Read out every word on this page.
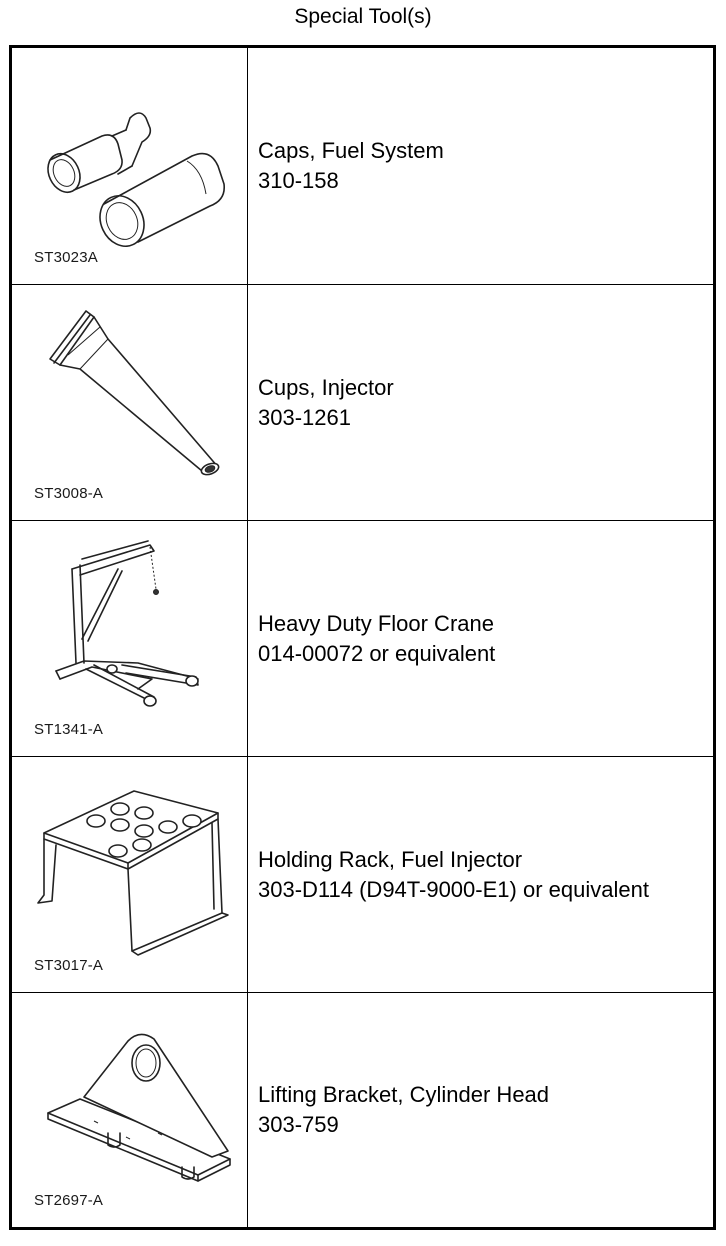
Special Tool(s)
ST3023A
Caps, Fuel System
310-158
ST3008-A
Cups, Injector
303-1261
ST1341-A
Heavy Duty Floor Crane
014-00072 or equivalent
ST3017-A
Holding Rack, Fuel Injector
303-D114 (D94T-9000-E1) or equivalent
ST2697-A
Lifting Bracket, Cylinder Head
303-759
